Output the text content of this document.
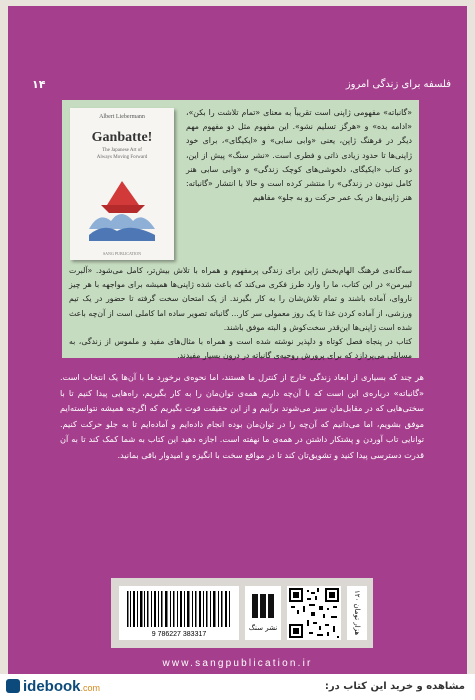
فلسفه برای زندگی امروز
۱۴
Albert Liebermann
Ganbatte!
The Japanese Art of
Always Moving Forward
SANG PUBLICATION
«گانباته» مفهومی ژاپنی است تقریباً به معنای «تمام تلاشت را بکن»، «ادامه بده» و «هرگز تسلیم نشو». این مفهوم مثل دو مفهوم مهم دیگر در فرهنگ ژاپن، یعنی «وابی سابی» و «ایکیگای»، برای خود ژاپنی‌ها تا حدود زیادی ذاتی و فطری است. «نشر سنگ» پیش از این، دو کتاب «ایکیگای، دلخوشی‌های کوچک زندگی» و «وابی سابی هنر کامل نبودن در زندگی» را منتشر کرده است و حالا با انتشار «گانباته: هنر ژاپنی‌ها در یک عمر حرکت رو به جلو» مفاهیم
سه‌گانه‌ی فرهنگ الهام‌بخش ژاپن برای زندگی پرمفهوم و همراه با تلاش بیش‌تر، کامل می‌شود. «آلبرت لیبرمن» در این کتاب، ما را وارد طرز فکری می‌کند که باعث شده ژاپنی‌ها همیشه برای مواجهه با هر چیز ناروای، آماده باشند و تمام تلاش‌شان را به کار بگیرند. از یک امتحان سخت گرفته تا حضور در یک تیم ورزشی، از آماده کردن غذا تا یک روز معمولی سر کار... گانباته تصویر ساده اما کاملی است از آن‌چه باعث شده است ژاپنی‌ها این‌قدر سخت‌کوش و البته موفق باشند.
کتاب در پنجاه فصل کوتاه و دلپذیر نوشته شده است و همراه با مثال‌های مفید و ملموس از زندگی، به مسایلی می‌پردازد که برای پرورش روحیه‌ی گانباته در درون بسیار مفیدند.
هر چند که بسیاری از ابعاد زندگی خارج از کنترل ما هستند، اما نحوه‌ی برخورد ما با آن‌ها یک انتخاب است. «گانباته» درباره‌ی این است که با آن‌چه داریم همه‌ی توان‌مان را به کار بگیریم، راه‌هایی پیدا کنیم تا با سختی‌هایی که در مقابل‌مان سبز می‌شوند برآییم و از این حقیقت قوت بگیریم که اگرچه همیشه نتوانسته‌ایم موفق بشویم، اما می‌دانیم که آن‌چه را در توان‌مان بوده انجام داده‌ایم و آماده‌ایم تا به جلو حرکت کنیم. توانایی تاب آوردن و پشتکار داشتن در همه‌ی ما نهفته است. اجازه دهید این کتاب به شما کمک کند تا به آن قدرت دسترسی پیدا کنید و تشویق‌تان کند تا در مواقع سخت با انگیزه و امیدوار باقی بمانید.
9 786227 383317
نشر سنگ
۱۲۰ هزار تومان
www.sangpublication.ir
idebook.com	مشاهده و خرید این کتاب در:
